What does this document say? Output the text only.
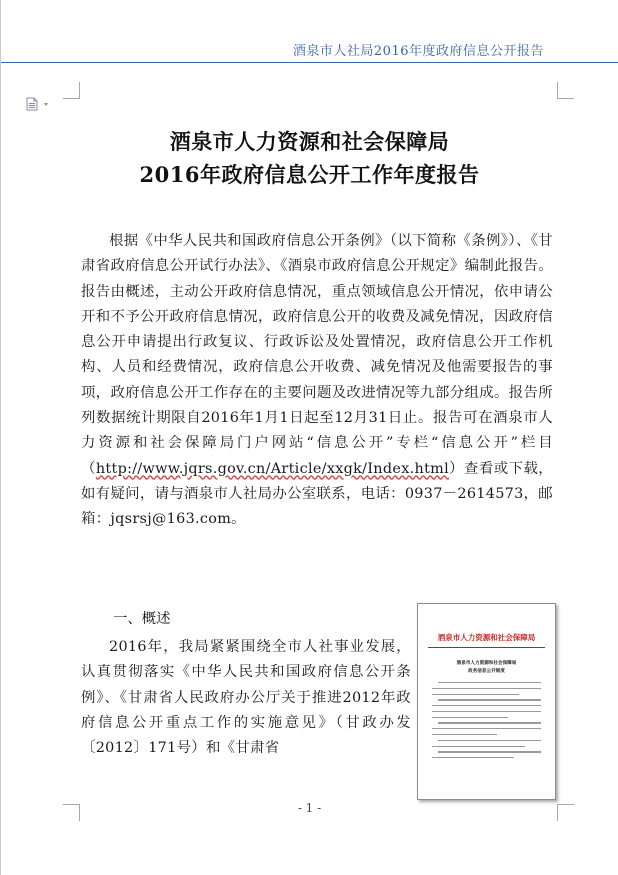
酒泉市人社局2016年度政府信息公开报告
酒泉市人力资源和社会保障局
2016年政府信息公开工作年度报告

根据《中华人民共和国政府信息公开条例》（以下简称《条例》）、《甘肃省政府信息公开试行办法》、《酒泉市政府信息公开规定》编制此报告。报告由概述，主动公开政府信息情况，重点领域信息公开情况，依申请公开和不予公开政府信息情况，政府信息公开的收费及减免情况，因政府信息公开申请提出行政复议、行政诉讼及处置情况，政府信息公开工作机构、人员和经费情况，政府信息公开收费、减免情况及他需要报告的事项，政府信息公开工作存在的主要问题及改进情况等九部分组成。报告所列数据统计期限自2016年1月1日起至12月31日止。报告可在酒泉市人力资源和社会保障局门户网站“信息公开”专栏“信息公开”栏目（http://www.jqrs.gov.cn/Article/xxgk/Index.html）查看或下载，如有疑问，请与酒泉市人社局办公室联系，电话：0937－2614573，邮箱：jqsrsj@163.com。

一、概述

2016年，我局紧紧围绕全市人社事业发展，认真贯彻落实《中华人民共和国政府信息公开条例》、《甘肃省人民政府办公厅关于推进2012年政府信息公开重点工作的实施意见》（甘政办发〔2012〕171号）和《甘肃省

酒泉市人力资源和社会保障局
酒泉市人力资源和社会保障局
政务信息公开制度
- 1 -
